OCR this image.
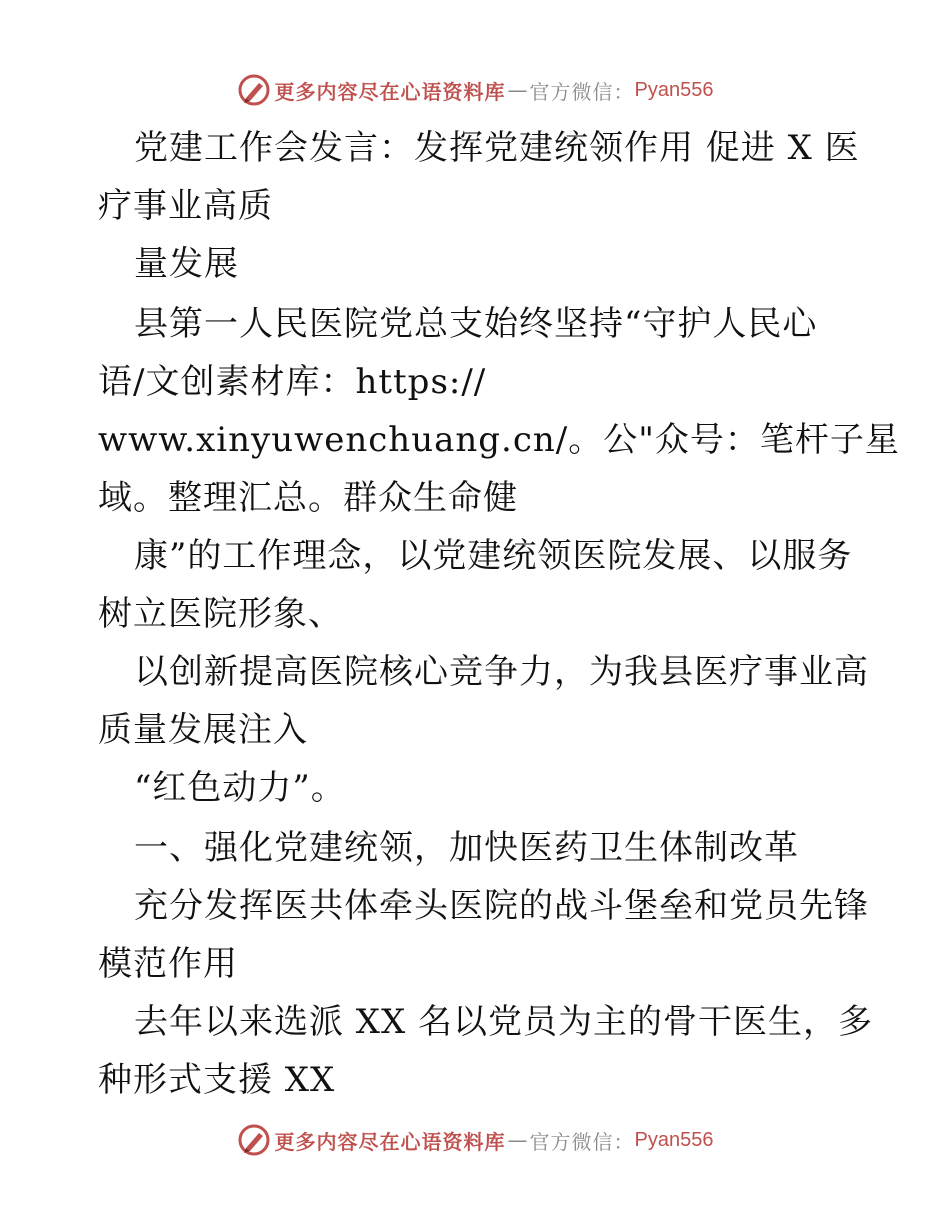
更多内容尽在心语资料库 — 官方微信： Pyan556
党建工作会发言：发挥党建统领作用 促进 X 医
疗事业高质
量发展
县第一人民医院党总支始终坚持“守护人民心
语/文创素材库：https://
www.xinyuwenchuang.cn/。公"众号：笔杆子星
域。整理汇总。群众生命健
康”的工作理念，以党建统领医院发展、以服务
树立医院形象、
以创新提高医院核心竞争力，为我县医疗事业高
质量发展注入
“红色动力”。
一、强化党建统领，加快医药卫生体制改革
充分发挥医共体牵头医院的战斗堡垒和党员先锋
模范作用
去年以来选派 XX 名以党员为主的骨干医生，多
种形式支援 XX
更多内容尽在心语资料库 — 官方微信： Pyan556
